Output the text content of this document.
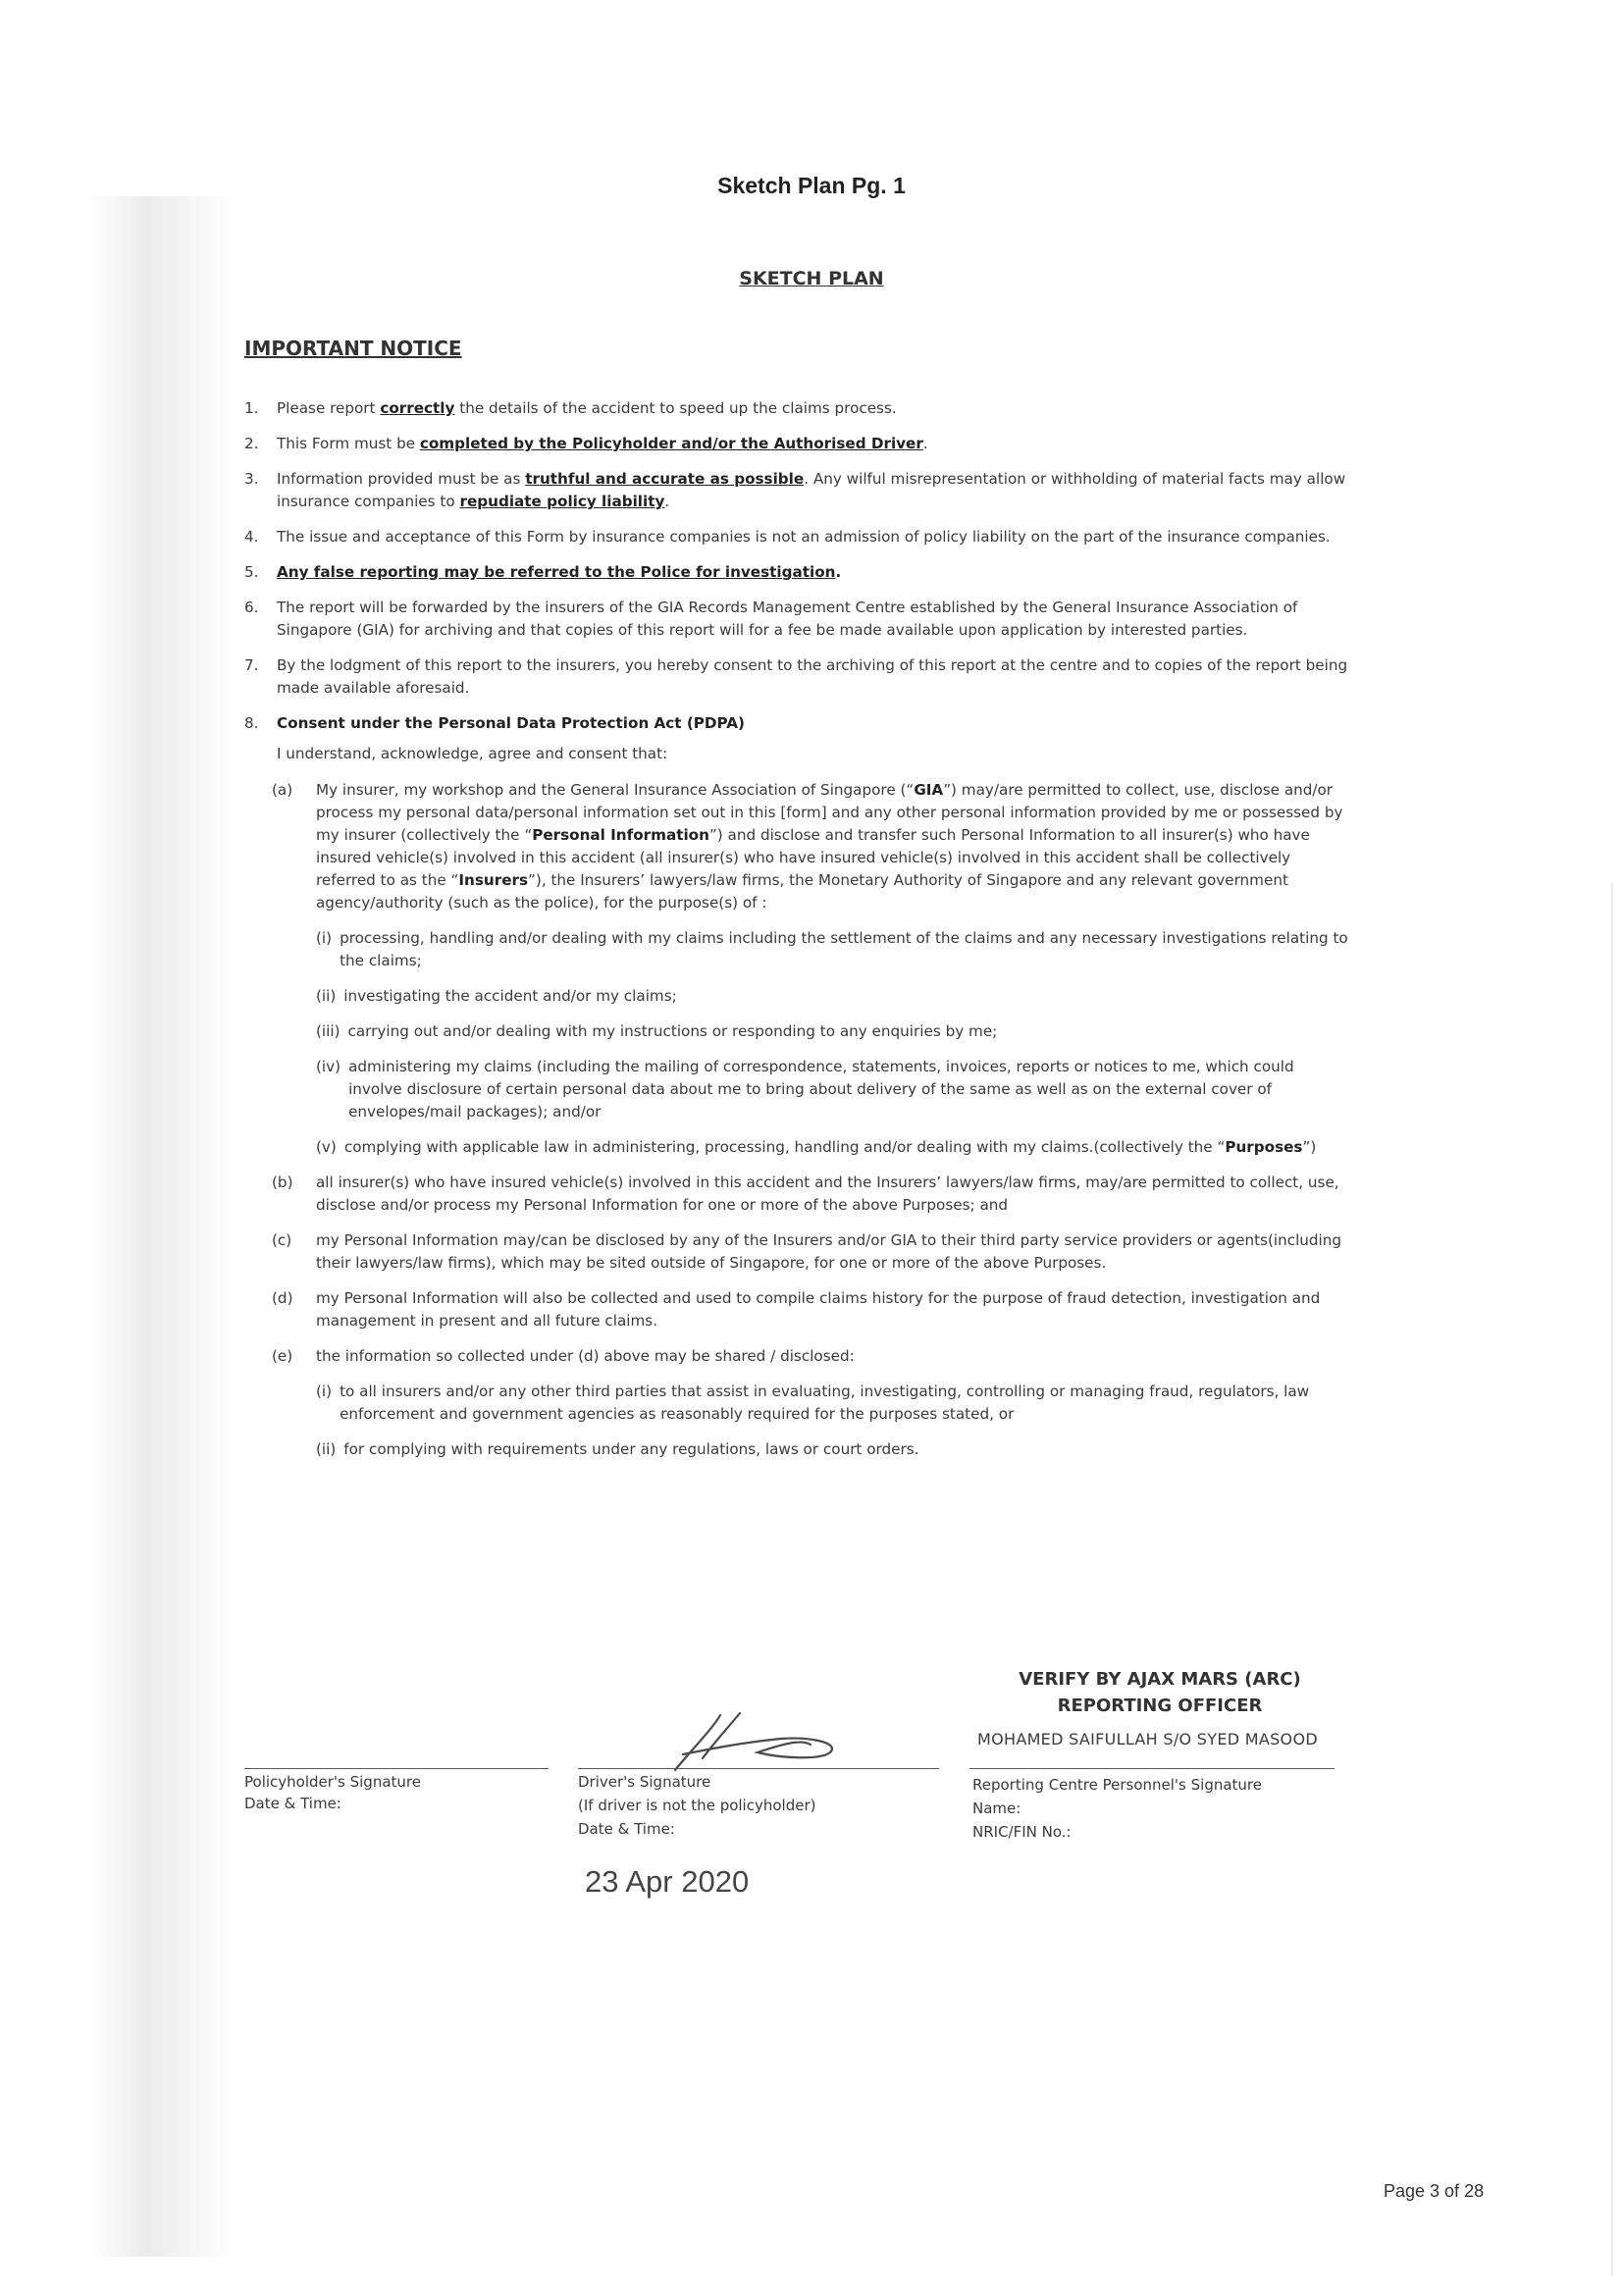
Sketch Plan Pg. 1
SKETCH PLAN
IMPORTANT NOTICE
1.	Please report correctly the details of the accident to speed up the claims process.
2.	This Form must be completed by the Policyholder and/or the Authorised Driver.
3.	Information provided must be as truthful and accurate as possible. Any wilful misrepresentation or withholding of material facts may allow insurance companies to repudiate policy liability.
4.	The issue and acceptance of this Form by insurance companies is not an admission of policy liability on the part of the insurance companies.
5.	Any false reporting may be referred to the Police for investigation.
6.	The report will be forwarded by the insurers of the GIA Records Management Centre established by the General Insurance Association of Singapore (GIA) for archiving and that copies of this report will for a fee be made available upon application by interested parties.
7.	By the lodgment of this report to the insurers, you hereby consent to the archiving of this report at the centre and to copies of the report being made available aforesaid.
8.	Consent under the Personal Data Protection Act (PDPA)
I understand, acknowledge, agree and consent that:
(a)	My insurer, my workshop and the General Insurance Association of Singapore (“GIA”) may/are permitted to collect, use, disclose and/or process my personal data/personal information set out in this [form] and any other personal information provided by me or possessed by my insurer (collectively the “Personal Information”) and disclose and transfer such Personal Information to all insurer(s) who have insured vehicle(s) involved in this accident (all insurer(s) who have insured vehicle(s) involved in this accident shall be collectively referred to as the “Insurers”), the Insurers’ lawyers/law firms, the Monetary Authority of Singapore and any relevant government agency/authority (such as the police), for the purpose(s) of :
(i) processing, handling and/or dealing with my claims including the settlement of the claims and any necessary investigations relating to the claims;
(ii) investigating the accident and/or my claims;
(iii) carrying out and/or dealing with my instructions or responding to any enquiries by me;
(iv) administering my claims (including the mailing of correspondence, statements, invoices, reports or notices to me, which could involve disclosure of certain personal data about me to bring about delivery of the same as well as on the external cover of envelopes/mail packages); and/or
(v) complying with applicable law in administering, processing, handling and/or dealing with my claims.(collectively the “Purposes”)
(b)	all insurer(s) who have insured vehicle(s) involved in this accident and the Insurers’ lawyers/law firms, may/are permitted to collect, use, disclose and/or process my Personal Information for one or more of the above Purposes; and
(c)	my Personal Information may/can be disclosed by any of the Insurers and/or GIA to their third party service providers or agents(including their lawyers/law firms), which may be sited outside of Singapore, for one or more of the above Purposes.
(d)	my Personal Information will also be collected and used to compile claims history for the purpose of fraud detection, investigation and management in present and all future claims.
(e)	the information so collected under (d) above may be shared / disclosed:
(i) to all insurers and/or any other third parties that assist in evaluating, investigating, controlling or managing fraud, regulators, law enforcement and government agencies as reasonably required for the purposes stated, or
(ii) for complying with requirements under any regulations, laws or court orders.
VERIFY BY AJAX MARS (ARC)
REPORTING OFFICER
MOHAMED SAIFULLAH S/O SYED MASOOD
Policyholder's Signature
Date & Time:
Driver's Signature
(If driver is not the policyholder)
Date & Time:
Reporting Centre Personnel's Signature
Name:
NRIC/FIN No.:
23 Apr 2020
Page 3 of 28
